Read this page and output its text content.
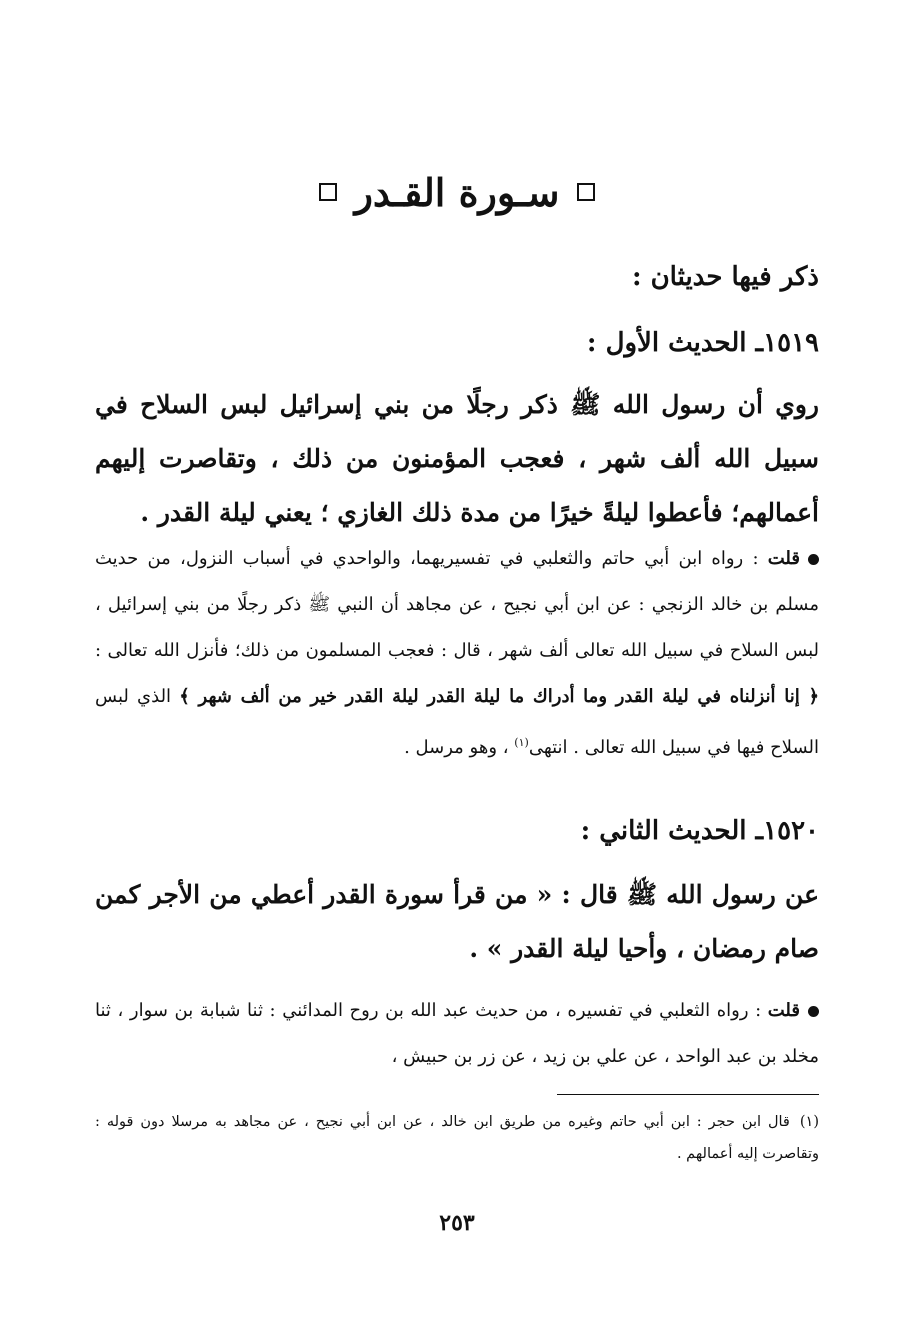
سـورة القـدر
ذكر فيها حديثان :
١٥١٩ـ الحديث الأول :
روي أن رسول الله ﷺ ذكر رجلًا من بني إسرائيل لبس السلاح في سبيل الله ألف شهر ، فعجب المؤمنون من ذلك ، وتقاصرت إليهم أعمالهم؛ فأعطوا ليلةً خيرًا من مدة ذلك الغازي ؛ يعني ليلة القدر .
قلت : رواه ابن أبي حاتم والثعلبي في تفسيريهما، والواحدي في أسباب النزول، من حديث مسلم بن خالد الزنجي : عن ابن أبي نجيح ، عن مجاهد أن النبي ﷺ ذكر رجلًا من بني إسرائيل ، لبس السلاح في سبيل الله تعالى ألف شهر ، قال : فعجب المسلمون من ذلك؛ فأنزل الله تعالى : ﴿ إنا أنزلناه في ليلة القدر وما أدراك ما ليلة القدر ليلة القدر خير من ألف شهر ﴾ الذي لبس السلاح فيها في سبيل الله تعالى . انتهى$^{(١)}$ ، وهو مرسل .
١٥٢٠ـ الحديث الثاني :
عن رسول الله ﷺ قال : « من قرأ سورة القدر أعطي من الأجر كمن صام رمضان ، وأحيا ليلة القدر » .
قلت : رواه الثعلبي في تفسيره ، من حديث عبد الله بن روح المدائني : ثنا شبابة بن سوار ، ثنا مخلد بن عبد الواحد ، عن علي بن زيد ، عن زر بن حبيش ،
(١)قال ابن حجر : ابن أبي حاتم وغيره من طريق ابن خالد ، عن ابن أبي نجيح ، عن مجاهد به مرسلا دون قوله : وتقاصرت إليه أعمالهم .
٢٥٣
